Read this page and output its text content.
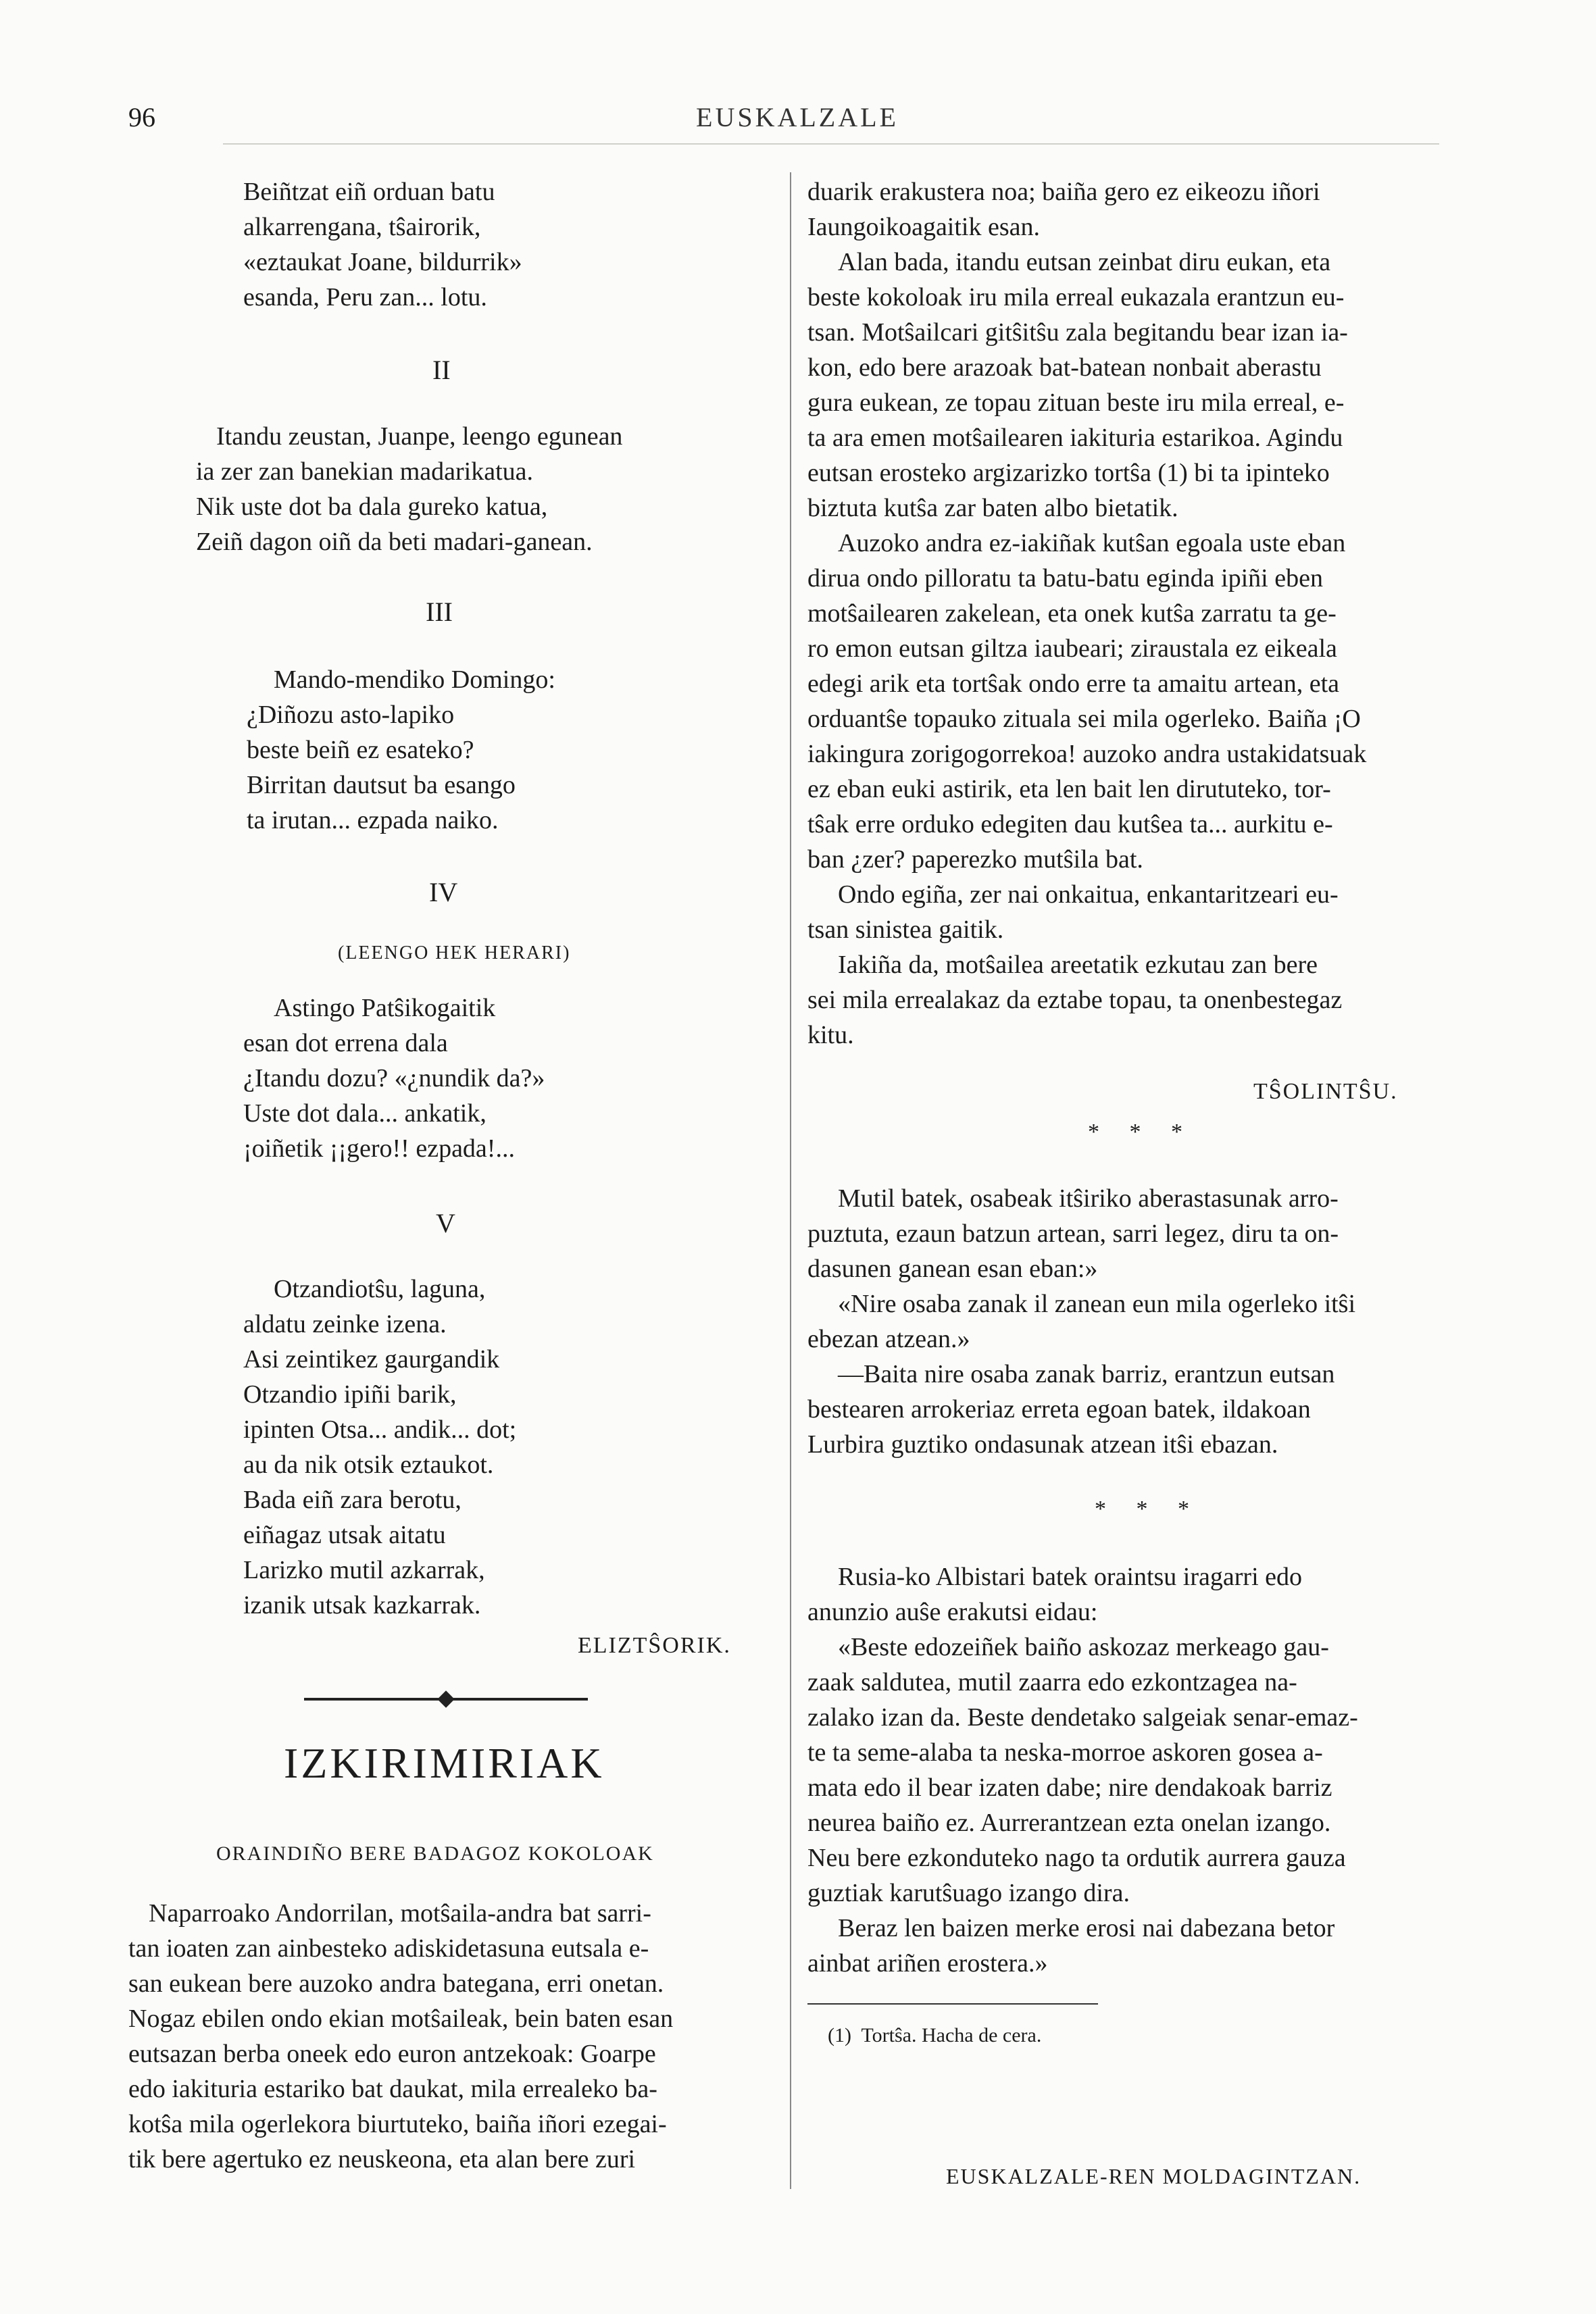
96	EUSKALZALE
Beiñtzat eiñ orduan batu
alkarrengana, tŝairorik,
«eztaukat Joane, bildurrik»
esanda, Peru zan... lotu.
II
Itandu zeustan, Juanpe, leengo egunean
ia zer zan banekian madarikatua.
Nik uste dot ba dala gureko katua,
Zeiñ dagon oiñ da beti madari-ganean.
III
Mando-mendiko Domingo:
¿Diñozu asto-lapiko
beste beiñ ez esateko?
Birritan dautsut ba esango
ta irutan... ezpada naiko.
IV
(LEENGO HEK HERARI)
Astingo Patŝikogaitik
esan dot errena dala
¿Itandu dozu? «¿nundik da?»
Uste dot dala... ankatik,
¡oiñetik ¡¡gero!! ezpada!...
V
Otzandiotŝu, laguna,
aldatu zeinke izena.
Asi zeintikez gaurgandik
Otzandio ipiñi barik,
ipinten Otsa... andik... dot;
au da nik otsik eztaukot.
Bada eiñ zara berotu,
eiñagaz utsak aitatu
Larizko mutil azkarrak,
izanik utsak kazkarrak.
ELIZTŜORIK.
IZKIRIMIRIAK
ORAINDIÑO BERE BADAGOZ KOKOLOAK
Naparroako Andorrilan, motŝaila-andra bat sarri-
tan ioaten zan ainbesteko adiskidetasuna eutsala e-
san eukean bere auzoko andra bategana, erri onetan.
Nogaz ebilen ondo ekian motŝaileak, bein baten esan
eutsazan berba oneek edo euron antzekoak: Goarpe
edo iakituria estariko bat daukat, mila errealeko ba-
kotŝa mila ogerlekora biurtuteko, baiña iñori ezegai-
tik bere agertuko ez neuskeona, eta alan bere zuri
duarik erakustera noa; baiña gero ez eikeozu iñori
Iaungoikoagaitik esan.
Alan bada, itandu eutsan zeinbat diru eukan, eta
beste kokoloak iru mila erreal eukazala erantzun eu-
tsan. Motŝailcari gitŝitŝu zala begitandu bear izan ia-
kon, edo bere arazoak bat-batean nonbait aberastu
gura eukean, ze topau zituan beste iru mila erreal, e-
ta ara emen motŝailearen iakituria estarikoa. Agindu
eutsan erosteko argizarizko tortŝa (1) bi ta ipinteko
biztuta kutŝa zar baten albo bietatik.
Auzoko andra ez-iakiñak kutŝan egoala uste eban
dirua ondo pilloratu ta batu-batu eginda ipiñi eben
motŝailearen zakelean, eta onek kutŝa zarratu ta ge-
ro emon eutsan giltza iaubeari; ziraustala ez eikeala
edegi arik eta tortŝak ondo erre ta amaitu artean, eta
orduantŝe topauko zituala sei mila ogerleko. Baiña ¡O
iakingura zorigogorrekoa! auzoko andra ustakidatsuak
ez eban euki astirik, eta len bait len dirututeko, tor-
tŝak erre orduko edegiten dau kutŝea ta... aurkitu e-
ban ¿zer? paperezko mutŝila bat.
Ondo egiña, zer nai onkaitua, enkantaritzeari eu-
tsan sinistea gaitik.
Iakiña da, motŝailea areetatik ezkutau zan bere
sei mila errealakaz da eztabe topau, ta onenbestegaz
kitu.
TŜOLINTŜU.
* * *
Mutil batek, osabeak itŝiriko aberastasunak arro-
puztuta, ezaun batzun artean, sarri legez, diru ta on-
dasunen ganean esan eban:»
«Nire osaba zanak il zanean eun mila ogerleko itŝi
ebezan atzean.»
—Baita nire osaba zanak barriz, erantzun eutsan
bestearen arrokeriaz erreta egoan batek, ildakoan
Lurbira guztiko ondasunak atzean itŝi ebazan.
* * *
Rusia-ko Albistari batek oraintsu iragarri edo
anunzio auŝe erakutsi eidau:
«Beste edozeiñek baiño askozaz merkeago gau-
zaak saldutea, mutil zaarra edo ezkontzagea na-
zalako izan da. Beste dendetako salgeiak senar-emaz-
te ta seme-alaba ta neska-morroe askoren gosea a-
mata edo il bear izaten dabe; nire dendakoak barriz
neurea baiño ez. Aurrerantzean ezta onelan izango.
Neu bere ezkonduteko nago ta ordutik aurrera gauza
guztiak karutŝuago izango dira.
Beraz len baizen merke erosi nai dabezana betor
ainbat ariñen erostera.»
(1)  Tortŝa. Hacha de cera.
EUSKALZALE-REN MOLDAGINTZAN.
